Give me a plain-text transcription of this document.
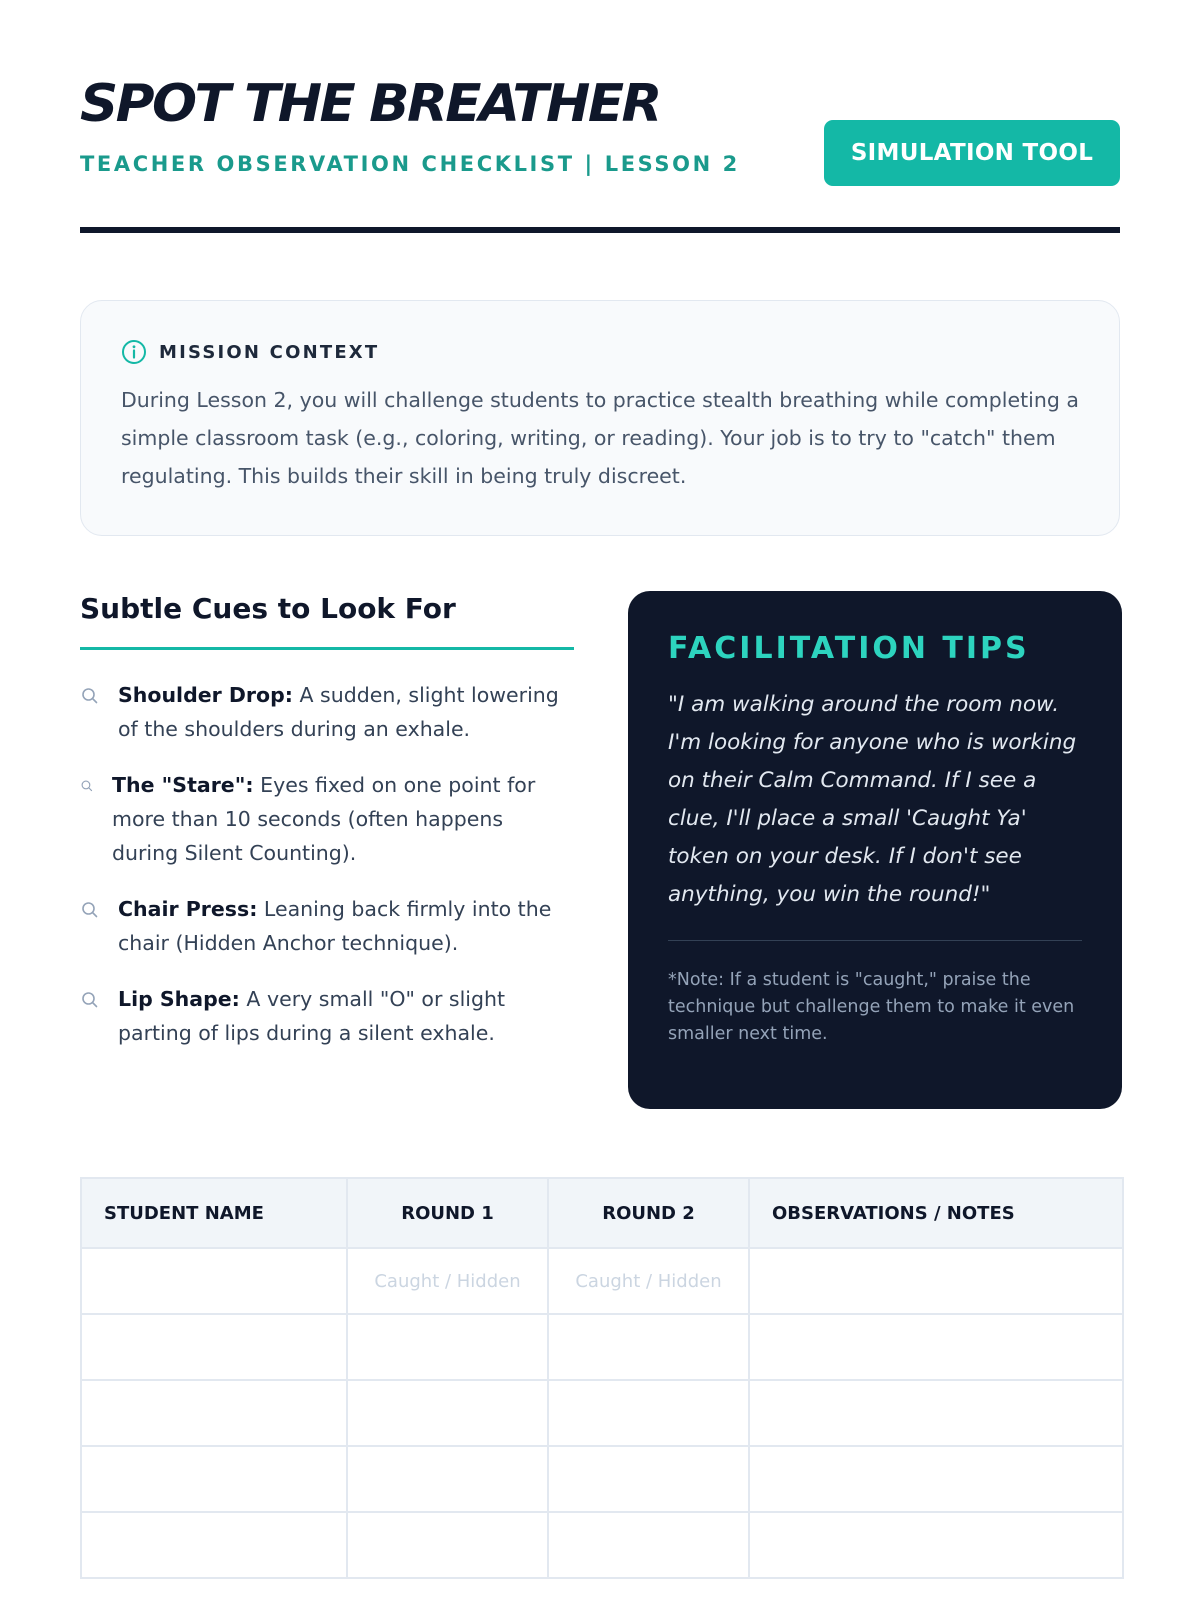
SPOT THE BREATHER
TEACHER OBSERVATION CHECKLIST | LESSON 2	SIMULATION TOOL
MISSION CONTEXT

During Lesson 2, you will challenge students to practice stealth breathing while completing a simple classroom task (e.g., coloring, writing, or reading). Your job is to try to "catch" them regulating. This builds their skill in being truly discreet.

Subtle Cues to Look For
Shoulder Drop: A sudden, slight lowering of the shoulders during an exhale.
The "Stare": Eyes fixed on one point for more than 10 seconds (often happens during Silent Counting).
Chair Press: Leaning back firmly into the chair (Hidden Anchor technique).
Lip Shape: A very small "O" or slight parting of lips during a silent exhale.
FACILITATION TIPS

"I am walking around the room now. I'm looking for anyone who is working on their Calm Command. If I see a clue, I'll place a small 'Caught Ya' token on your desk. If I don't see anything, you win the round!"

*Note: If a student is "caught," praise the technique but challenge them to make it even smaller next time.

STUDENT NAME	ROUND 1	ROUND 2	OBSERVATIONS / NOTES
	Caught / Hidden	Caught / Hidden	
